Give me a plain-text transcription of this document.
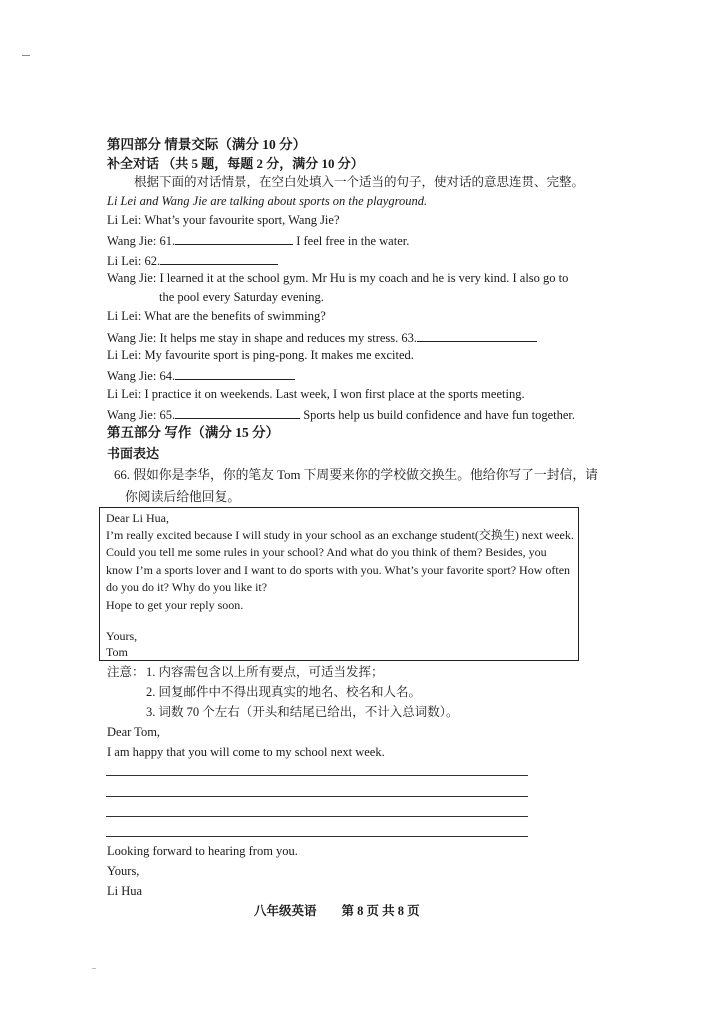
第四部分 情景交际（满分 10 分）
补全对话 （共 5 题，每题 2 分，满分 10 分）
根据下面的对话情景，在空白处填入一个适当的句子，使对话的意思连贯、完整。
Li Lei and Wang Jie are talking about sports on the playground.
Li Lei: What’s your favourite sport, Wang Jie?
Wang Jie: 61.	I feel free in the water.
Li Lei: 62.
Wang Jie: I learned it at the school gym. Mr Hu is my coach and he is very kind. I also go to
the pool every Saturday evening.
Li Lei: What are the benefits of swimming?
Wang Jie: It helps me stay in shape and reduces my stress. 63.
Li Lei: My favourite sport is ping-pong. It makes me excited.
Wang Jie: 64.
Li Lei: I practice it on weekends. Last week, I won first place at the sports meeting.
Wang Jie: 65.	Sports help us build confidence and have fun together.
第五部分 写作（满分 15 分）
书面表达
66. 假如你是李华，你的笔友 Tom 下周要来你的学校做交换生。他给你写了一封信，请
你阅读后给他回复。
Dear Li Hua,
I’m really excited because I will study in your school as an exchange student(交换生) next week.
Could you tell me some rules in your school? And what do you think of them? Besides, you
know I’m a sports lover and I want to do sports with you. What’s your favorite sport? How often
do you do it? Why do you like it?
Hope to get your reply soon.
Yours,
Tom
注意： 1. 内容需包含以上所有要点，可适当发挥；
2. 回复邮件中不得出现真实的地名、校名和人名。
3. 词数 70 个左右（开头和结尾已给出，不计入总词数）。
Dear Tom,
I am happy that you will come to my school next week.
Looking forward to hearing from you.
Yours,
Li Hua
八年级英语　　第 8 页 共 8 页
